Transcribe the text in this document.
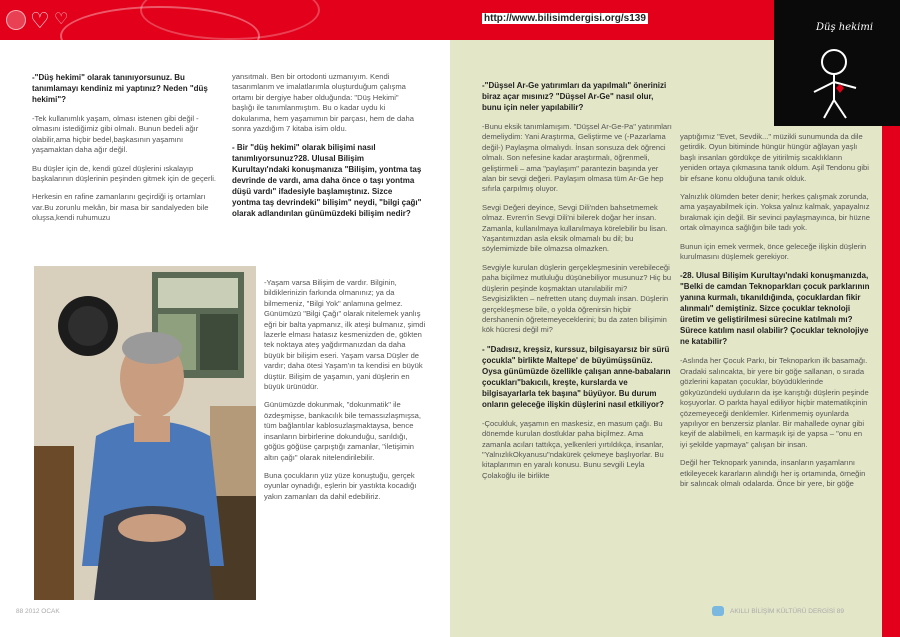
♡ ♡

-"Düş hekimi" olarak tanınıyorsunuz. Bu tanımlamayı kendiniz mi yaptınız? Neden "düş hekimi"?

-Tek kullanımlık yaşam, olması istenen gibi değil -olmasını istediğimiz gibi olmalı. Bunun bedeli ağır olabilir,ama hiçbir bedel,başkasının yaşamını yaşamaktan daha ağır değil.

Bu düşler için de, kendi güzel düşlerini ıskalayıp başkalarının düşlerinin peşinden gitmek için de geçerli.

Herkesin en rafine zamanlarını geçirdiği iş ortamları var.Bu zorunlu mekân, bir masa bir sandalyeden bile oluşsa,kendi ruhumuzu

yansıtmalı. Ben bir ortodonti uzmanıyım. Kendi tasarımlarım ve imalatlarımla oluşturduğum çalışma ortamı bir dergiye haber olduğunda: "Düş Hekimi" başlığı ile tanımlanmıştım. Bu o kadar uydu ki dokularıma, hem yaşamımın bir parçası, hem de daha sonra yazdığım 7 kitaba isim oldu.

- Bir "düş hekimi" olarak bilişimi nasıl tanımlıyorsunuz?28. Ulusal Bilişim Kurultayı'ndaki konuşmanıza "Bilişim, yontma taş devrinde de vardı, ama daha önce o taşı yontma düşü vardı" ifadesiyle başlamıştınız. Sizce yontma taş devrindeki" bilişim" neydi, "bilgi çağı" olarak adlandırılan günümüzdeki bilişim nedir?

-Yaşam varsa Bilişim de vardır. Bilginin, bildiklerinizin farkında olmanınız; ya da bilmemeniz, "Bilgi Yok" anlamına gelmez. Günümüzü "Bilgi Çağı" olarak nitelemek yanlış eğri bir balta yapmanız, ilk ateşi bulmanız, şimdi lazerle elması hatasız kesmenizden de, gökten tek noktaya ateş yağdırmanızdan da daha büyük bir bilişim eseri. Yaşam varsa Düşler de vardır; daha ötesi Yaşam'ın ta kendisi en büyük düştür. Bilişim de yaşamın, yani düşlerin en büyük ürünüdür.

Günümüzde dokunmak, "dokunmatik" ile özdeşmişse, bankacılık bile temassızlaşmışsa, tüm bağlantılar kablosuzlaşmaktaysa, bence insanların birbirlerine dokunduğu, sarıldığı, göğüs göğüse çarpıştığı zamanlar, "iletişimin altın çağı" olarak nitelendirilebilir.

Buna çocukların yüz yüze konuştuğu, gerçek oyunlar oynadığı, eşlerin bir yastıkta kocadığı yakın zamanları da dahil edebiliriz.

88 2012 OCAK
http://www.bilisimdergisi.org/s139
Düş hekimi

-"Düşsel Ar-Ge yatırımları da yapılmalı" önerinizi biraz açar mısınız? "Düşsel Ar-Ge" nasıl olur, bunu için neler yapılabilir?

-Bunu eksik tanımlamışım. "Düşsel Ar-Ge-Pa" yatırımları demeliydim: Yani Araştırma, Geliştirme ve (-Pazarlama değil-) Paylaşma olmalıydı. İnsan sonsuza dek öğrenci olmalı. Son nefesine kadar araştırmalı, öğrenmeli, geliştirmeli – ama "paylaşım" parantezin başında yer alan bir sevgi değeri. Paylaşım olmasa tüm Ar-Ge hep sıfırla çarpılmış oluyor.

Sevgi Değeri deyince, Sevgi Dili'nden bahsetmemek olmaz. Evren'in Sevgi Dili'ni bilerek doğar her insan. Zamanla, kullanılmaya kullanılmaya körelebilir bu lisan. Yaşantımızdan asla eksik olmamalı bu dil; bu söylemimizde bile olmazsa olmazken.

Sevgiyle kurulan düşlerin gerçekleşmesinin verebileceği paha biçilmez mutluluğu düşünebiliyor musunuz? Hiç bu düşlerin peşinde koşmaktan utanılabilir mi? Sevgisizlikten – nefretten utanç duymalı insan. Düşlerin gerçekleşmese bile, o yolda öğrenirsin hiçbir dershanenin öğretemeyeceklerini; bu da zaten bilişimin kök hücresi değil mi?

- "Dadısız, kreşsiz, kurssuz, bilgisayarsız bir sürü çocukla" birlikte Maltepe' de büyümüşsünüz. Oysa günümüzde özellikle çalışan anne-babaların çocukları"bakıcılı, kreşte, kurslarda ve bilgisayarlarla tek başına" büyüyor. Bu durum onların geleceğe ilişkin düşlerini nasıl etkiliyor?

-Çocukluk, yaşamın en maskesiz, en masum çağı. Bu dönemde kurulan dostluklar paha biçilmez. Ama zamanla acıları tattıkça, yelkenleri yırtıldıkça, insanlar, "YalnızlıkOkyanusu"ndakürek çekmeye başlıyorlar. Bu kitaplarımın en yaralı konusu. Bunu sevgili Leyla Çolakoğlu ile birlikte

yaptığımız "Evet, Sevdik..." müzikli sunumunda da dile getirdik. Oyun bitiminde hüngür hüngür ağlayan yaşlı başlı insanları gördükçe de yitirilmiş sıcaklıkların yeniden ortaya çıkmasına tanık oldum. Aşil Tendonu gibi bir efsane konu olduğuna tanık olduk.

Yalnızlık ölümden beter denir; herkes çalışmak zorunda, ama yaşayabilmek için. Yoksa yalnız kalmak, yapayalnız bırakmak için değil. Bir sevinci paylaşmayınca, bir hüzne ortak olmayınca sağlığın bile tadı yok.

Bunun için emek vermek, önce geleceğe ilişkin düşlerin kurulmasını düşlemek gerekiyor.

-28. Ulusal Bilişim Kurultayı'ndaki konuşmanızda, "Belki de camdan Teknoparkları çocuk parklarının yanına kurmalı, tıkanıldığında, çocuklardan fikir alınmalı" demiştiniz. Sizce çocuklar teknoloji üretim ve geliştirilmesi sürecine katılmalı mı? Sürece katılım nasıl olabilir? Çocuklar teknolojiye ne katabilir?

-Aslında her Çocuk Parkı, bir Teknoparkın ilk basamağı. Oradaki salıncakta, bir yere bir göğe sallanan, o sırada gözlerini kapatan çocuklar, büyüdüklerinde gökyüzündeki uyduların da işe karıştığı düşlerin peşinde koşuyorlar. O parkta hayal ediliyor hiçbir matematikçinin çözemeyeceği denklemler. Kirlenmemiş oyunlarda yapılıyor en benzersiz planlar. Bir mahallede oynar gibi keyif de alabilmeli, en karmaşık işi de yapsa – "onu en iyi şekilde yapmaya" çalışan bir insan.

Değil her Teknopark yanında, insanların yaşamlarını etkileyecek kararların alındığı her iş ortamında, örneğin bir salıncak olmalı odalarda. Önce bir yere, bir göğe

AKILLI BİLİŞİM KÜLTÜRÜ DERGİSİ 89
